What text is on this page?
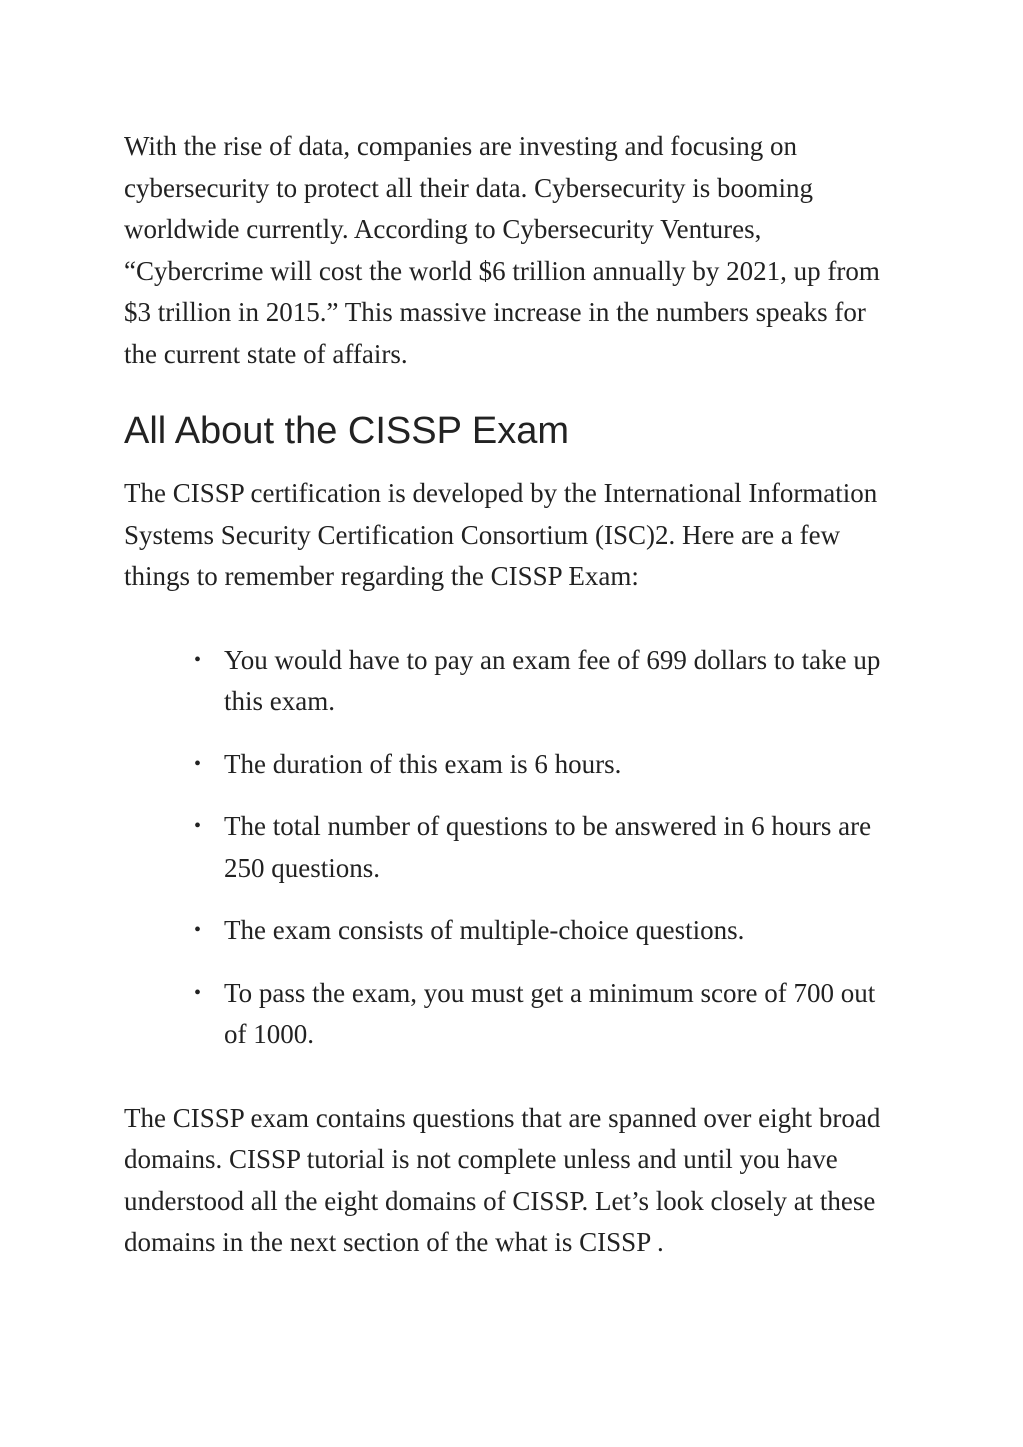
With the rise of data, companies are investing and focusing on cybersecurity to protect all their data. Cybersecurity is booming worldwide currently. According to Cybersecurity Ventures, “Cybercrime will cost the world $6 trillion annually by 2021, up from $3 trillion in 2015.” This massive increase in the numbers speaks for the current state of affairs.

All About the CISSP Exam

The CISSP certification is developed by the International Information Systems Security Certification Consortium (ISC)2. Here are a few things to remember regarding the CISSP Exam:

• You would have to pay an exam fee of 699 dollars to take up this exam.
• The duration of this exam is 6 hours.
• The total number of questions to be answered in 6 hours are 250 questions.
• The exam consists of multiple-choice questions.
• To pass the exam, you must get a minimum score of 700 out of 1000.

The CISSP exam contains questions that are spanned over eight broad domains. CISSP tutorial is not complete unless and until you have understood all the eight domains of CISSP. Let’s look closely at these domains in the next section of the what is CISSP .
